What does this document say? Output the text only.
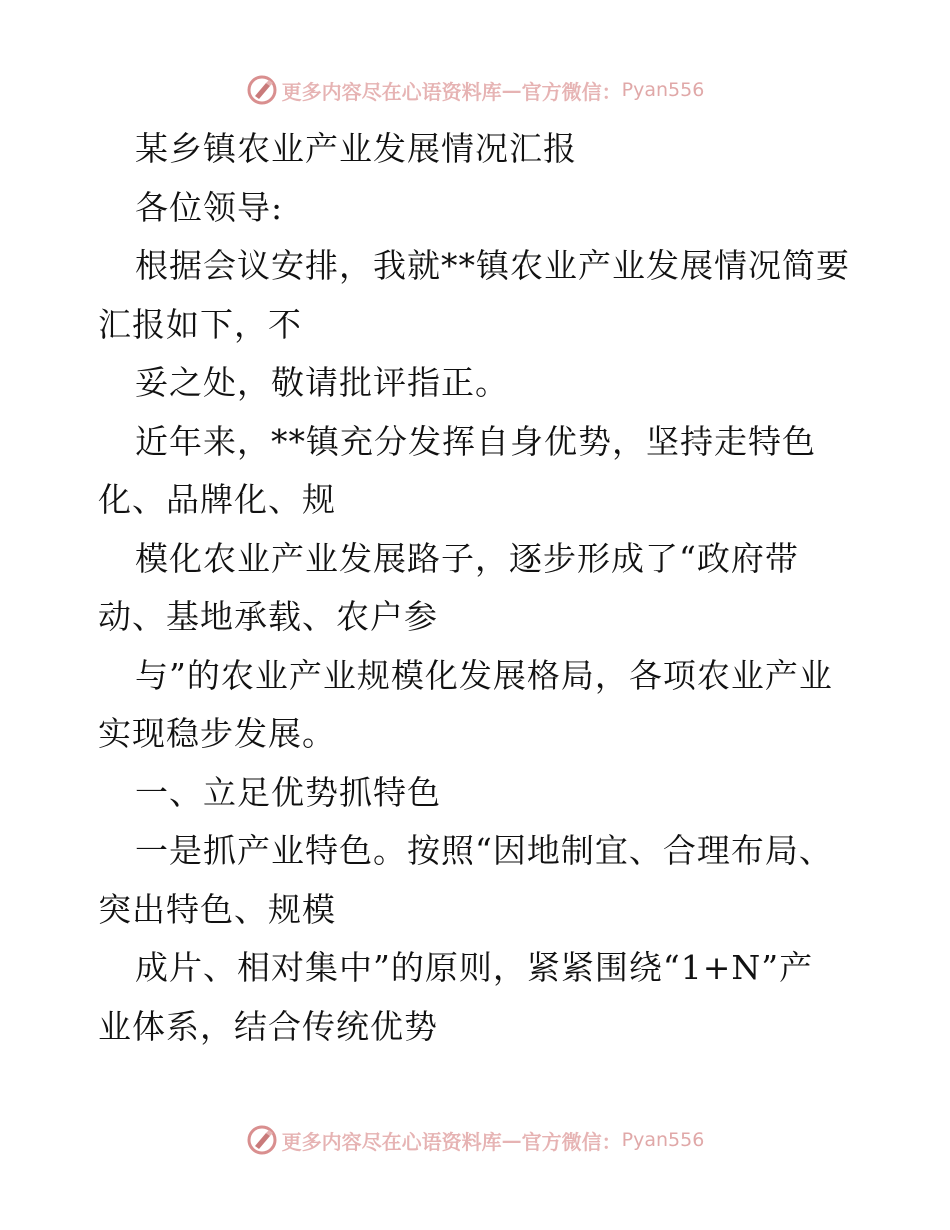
更多内容尽在心语资料库 — 官方微信： Pyan556
某乡镇农业产业发展情况汇报
各位领导:
根据会议安排，我就**镇农业产业发展情况简要
汇报如下，不
妥之处，敬请批评指正。
近年来，**镇充分发挥自身优势，坚持走特色
化、品牌化、规
模化农业产业发展路子，逐步形成了“政府带
动、基地承载、农户参
与”的农业产业规模化发展格局，各项农业产业
实现稳步发展。
一、立足优势抓特色
一是抓产业特色。按照“因地制宜、合理布局、
突出特色、规模
成片、相对集中”的原则，紧紧围绕“1+N”产
业体系，结合传统优势
更多内容尽在心语资料库 — 官方微信： Pyan556
